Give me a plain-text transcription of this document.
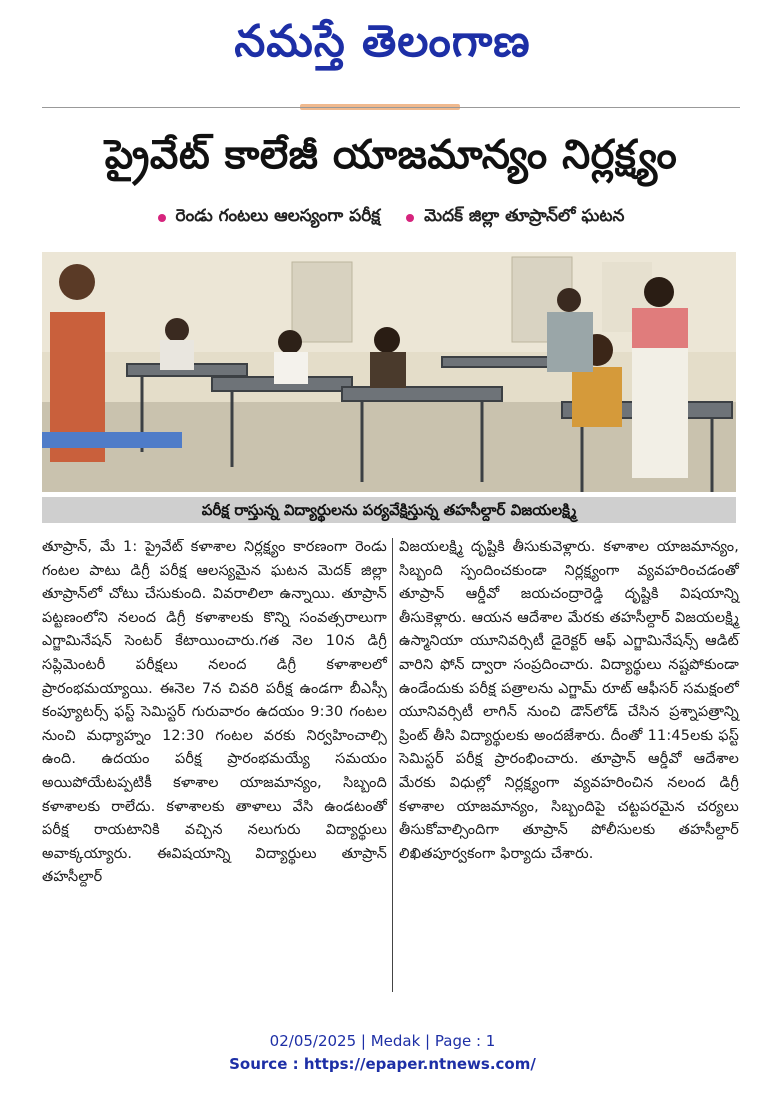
నమస్తే తెలంగాణ
ప్రైవేట్ కాలేజీ యాజమాన్యం నిర్లక్ష్యం
రెండు గంటలు ఆలస్యంగా పరీక్ష	మెదక్ జిల్లా తూప్రాన్‌లో ఘటన
పరీక్ష రాస్తున్న విద్యార్థులను పర్యవేక్షిస్తున్న తహసీల్దార్ విజయలక్ష్మి
తూప్రాన్, మే 1: ప్రైవేట్ కళాశాల నిర్లక్ష్యం కారణంగా రెండు గంటల పాటు డిగ్రీ పరీక్ష ఆలస్యమైన ఘటన మెదక్ జిల్లా తూప్రాన్‌లో చోటు చేసుకుంది. వివరాలిలా ఉన్నాయి. తూప్రాన్ పట్టణంలోని నలంద డిగ్రీ కళాశాలకు కొన్ని సంవత్సరాలుగా ఎగ్జామినేషన్ సెంటర్ కేటాయించారు.గత నెల 10న డిగ్రీ సప్లిమెంటరీ పరీక్షలు నలంద డిగ్రీ కళాశాలలో ప్రారంభమయ్యాయి. ఈనెల 7న చివరి పరీక్ష ఉండగా బీఎస్సీ కంప్యూటర్స్ ఫస్ట్ సెమిస్టర్ గురువారం ఉదయం 9:30 గంటల నుంచి మధ్యాహ్నం 12:30 గంటల వరకు నిర్వహించాల్సి ఉంది. ఉదయం పరీక్ష ప్రారంభమయ్యే సమయం అయిపోయేటప్పటికీ కళాశాల యాజమాన్యం, సిబ్బంది కళాశాలకు రాలేదు. కళాశాలకు తాళాలు వేసి ఉండటంతో పరీక్ష రాయటానికి వచ్చిన నలుగురు విద్యార్థులు అవాక్కయ్యారు. ఈవిషయాన్ని విద్యార్థులు తూప్రాన్ తహసీల్దార్
విజయలక్ష్మి దృష్టికి తీసుకువెళ్లారు. కళాశాల యాజమాన్యం, సిబ్బంది స్పందించకుండా నిర్లక్ష్యంగా వ్యవహరించడంతో తూప్రాన్ ఆర్డీవో జయచంద్రారెడ్డి దృష్టికి విషయాన్ని తీసుకెళ్లారు. ఆయన ఆదేశాల మేరకు తహసీల్దార్ విజయలక్ష్మి ఉస్మానియా యూనివర్సిటీ డైరెక్టర్ ఆఫ్ ఎగ్జామినేషన్స్ ఆడిట్ వారిని ఫోన్ ద్వారా సంప్రదించారు. విద్యార్థులు నష్టపోకుండా ఉండేందుకు పరీక్ష పత్రాలను ఎగ్జామ్ రూట్ ఆఫీసర్ సమక్షంలో యూనివర్సిటీ లాగిన్ నుంచి డౌన్‌లోడ్ చేసిన ప్రశ్నాపత్రాన్ని ప్రింట్ తీసి విద్యార్థులకు అందజేశారు. దీంతో 11:45లకు ఫస్ట్ సెమిస్టర్ పరీక్ష ప్రారంభించారు. తూప్రాన్ ఆర్డీవో ఆదేశాల మేరకు విధుల్లో నిర్లక్ష్యంగా వ్యవహరించిన నలంద డిగ్రీ కళాశాల యాజమాన్యం, సిబ్బందిపై చట్టపరమైన చర్యలు తీసుకోవాల్సిందిగా తూప్రాన్ పోలీసులకు తహసీల్దార్ లిఖితపూర్వకంగా ఫిర్యాదు చేశారు.
02/05/2025 | Medak | Page : 1
Source : https://epaper.ntnews.com/
